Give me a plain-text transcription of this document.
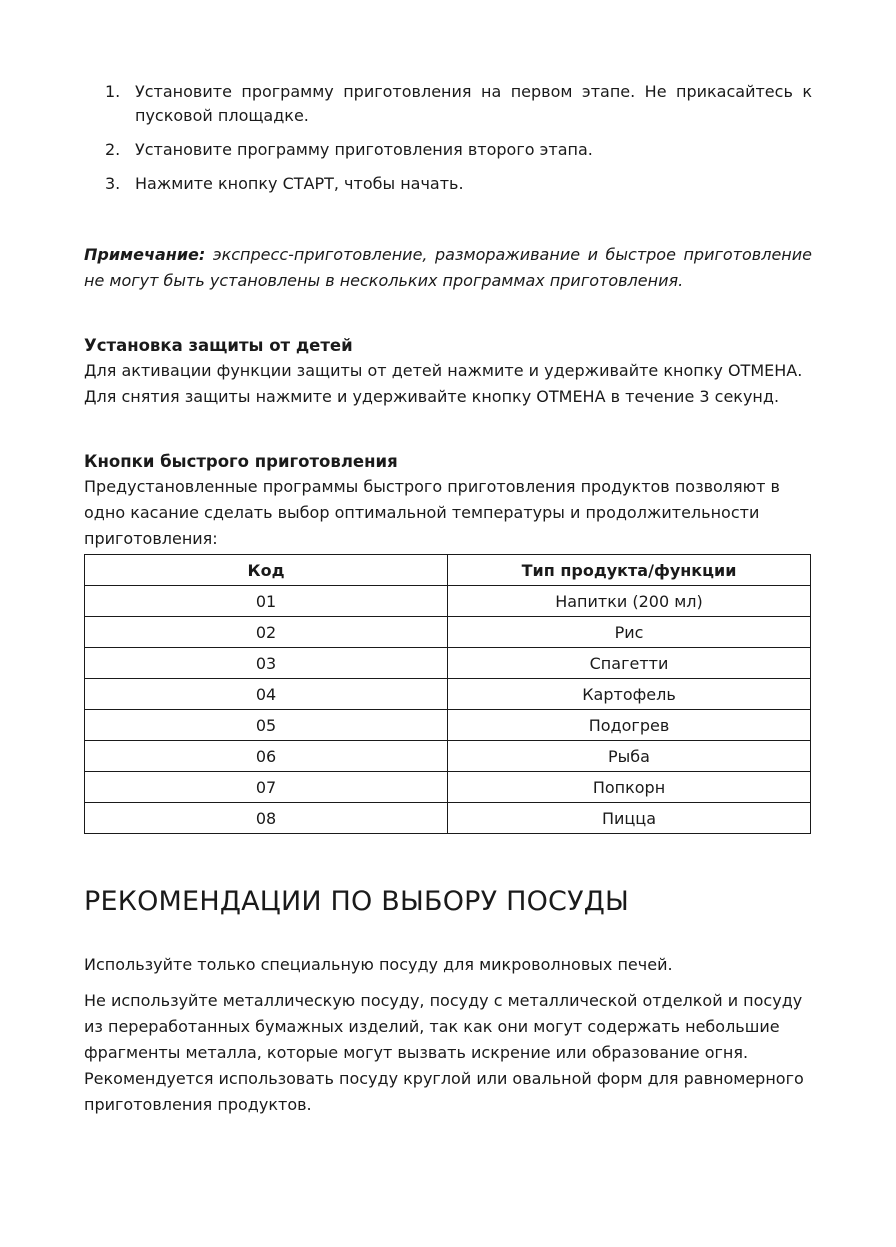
1. Установите программу приготовления на первом этапе. Не прикасайтесь к пусковой площадке.
2. Установите программу приготовления второго этапа.
3. Нажмите кнопку СТАРТ, чтобы начать.
Примечание: экспресс-приготовление, размораживание и быстрое приготовление не могут быть установлены в нескольких программах приготовления.
Установка защиты от детей

Для активации функции защиты от детей нажмите и удерживайте кнопку ОТМЕНА. Для снятия защиты нажмите и удерживайте кнопку ОТМЕНА в течение 3 секунд.

Кнопки быстрого приготовления

Предустановленные программы быстрого приготовления продуктов позволяют в одно касание сделать выбор оптимальной температуры и продолжительности приготовления:

Код	Тип продукта/функции
01	Напитки (200 мл)
02	Рис
03	Спагетти
04	Картофель
05	Подогрев
06	Рыба
07	Попкорн
08	Пицца
РЕКОМЕНДАЦИИ ПО ВЫБОРУ ПОСУДЫ

Используйте только специальную посуду для микроволновых печей.

Не используйте металлическую посуду, посуду с металлической отделкой и посуду из переработанных бумажных изделий, так как они могут содержать небольшие фрагменты металла, которые могут вызвать искрение или образование огня. Рекомендуется использовать посуду круглой или овальной форм для равномерного приготовления продуктов.
